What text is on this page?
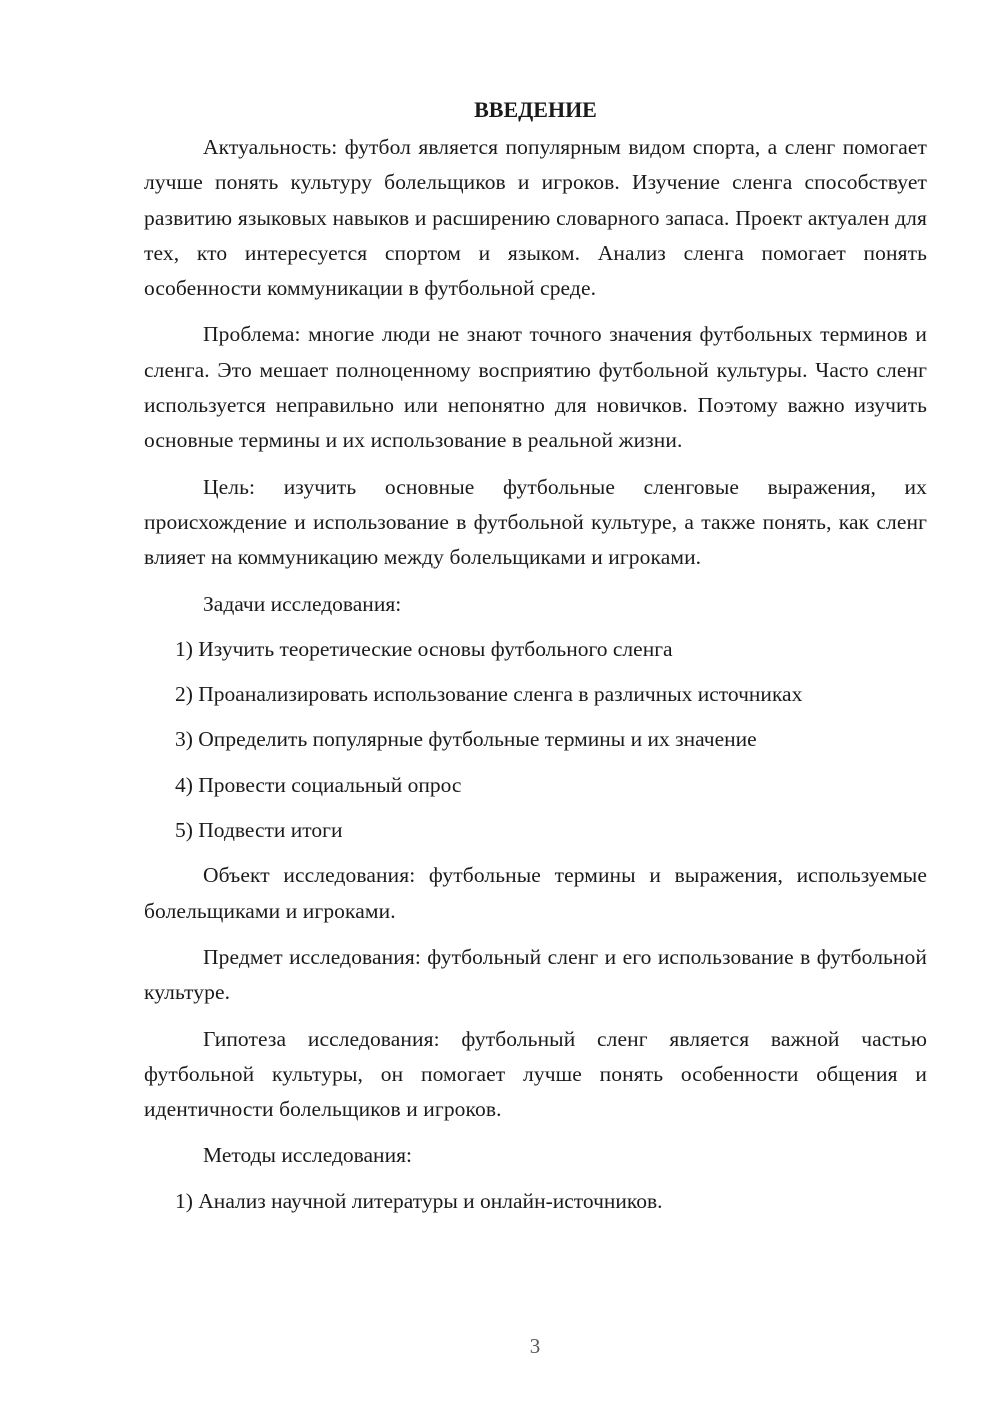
ВВЕДЕНИЕ

Актуальность: футбол является популярным видом спорта, а сленг помогает лучше понять культуру болельщиков и игроков. Изучение сленга способствует развитию языковых навыков и расширению словарного запаса. Проект актуален для тех, кто интересуется спортом и языком. Анализ сленга помогает понять особенности коммуникации в футбольной среде.

Проблема: многие люди не знают точного значения футбольных терминов и сленга. Это мешает полноценному восприятию футбольной культуры. Часто сленг используется неправильно или непонятно для новичков. Поэтому важно изучить основные термины и их использование в реальной жизни.

Цель: изучить основные футбольные сленговые выражения, их происхождение и использование в футбольной культуре, а также понять, как сленг влияет на коммуникацию между болельщиками и игроками.

Задачи исследования:

1) Изучить теоретические основы футбольного сленга
2) Проанализировать использование сленга в различных источниках
3) Определить популярные футбольные термины и их значение
4) Провести социальный опрос
5) Подвести итоги

Объект исследования: футбольные термины и выражения, используемые болельщиками и игроками.

Предмет исследования: футбольный сленг и его использование в футбольной культуре.

Гипотеза исследования: футбольный сленг является важной частью футбольной культуры, он помогает лучше понять особенности общения и идентичности болельщиков и игроков.

Методы исследования:

1) Анализ научной литературы и онлайн-источников.
3
